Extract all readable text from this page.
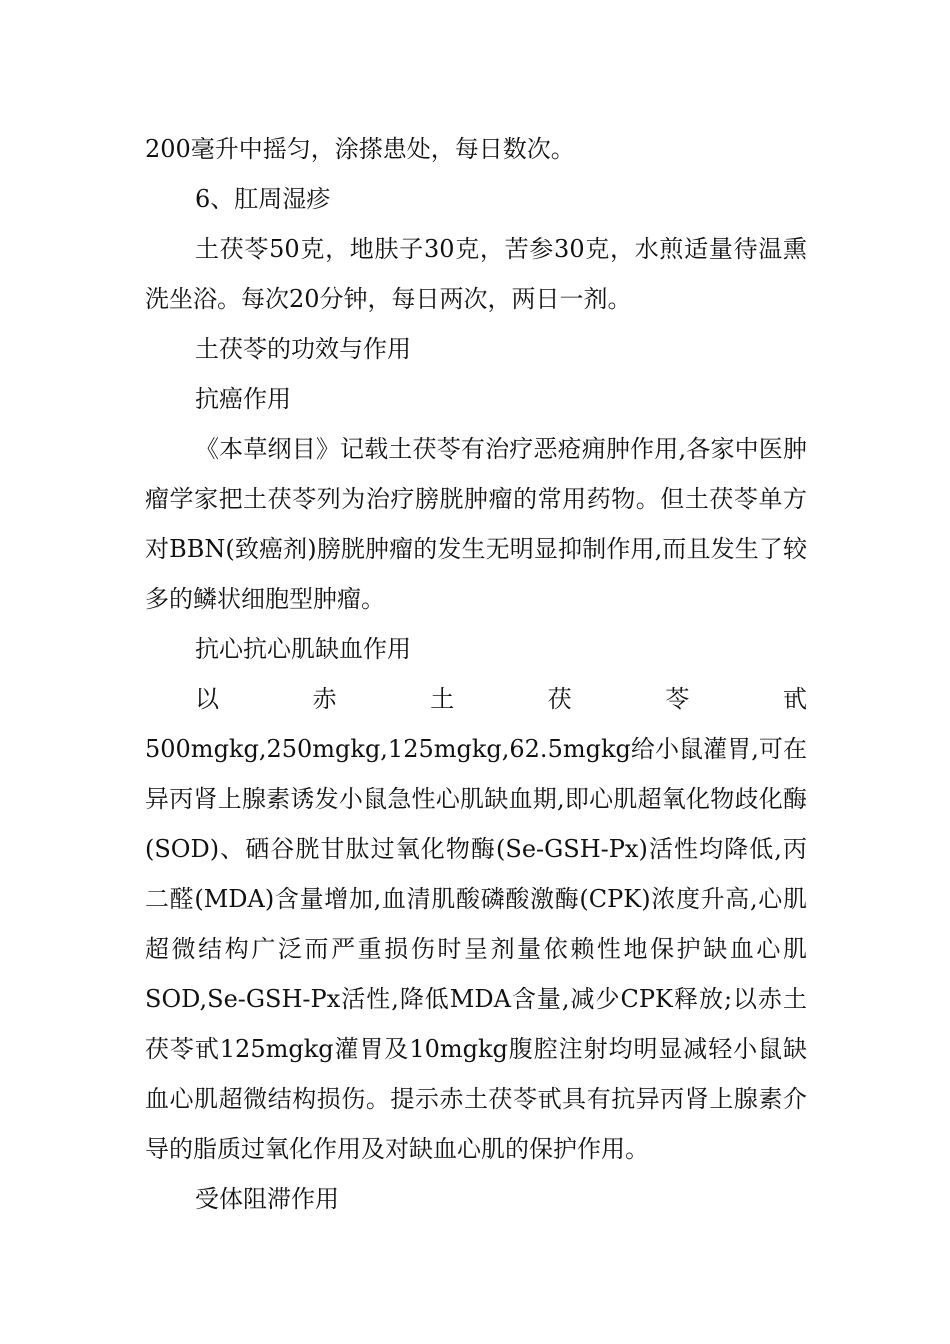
200毫升中摇匀，涂搽患处，每日数次。

6、肛周湿疹

土茯苓50克，地肤子30克，苦参30克，水煎适量待温熏洗坐浴。每次20分钟，每日两次，两日一剂。

土茯苓的功效与作用

抗癌作用

《本草纲目》记载土茯苓有治疗恶疮痈肿作用,各家中医肿瘤学家把土茯苓列为治疗膀胱肿瘤的常用药物。但土茯苓单方对BBN(致癌剂)膀胱肿瘤的发生无明显抑制作用,而且发生了较多的鳞状细胞型肿瘤。

抗心抗心肌缺血作用

以赤土茯苓甙500mgkg,250mgkg,125mgkg,62.5mgkg给小鼠灌胃,可在异丙肾上腺素诱发小鼠急性心肌缺血期,即心肌超氧化物歧化酶(SOD)、硒谷胱甘肽过氧化物酶(Se-GSH-Px)活性均降低,丙二醛(MDA)含量增加,血清肌酸磷酸激酶(CPK)浓度升高,心肌超微结构广泛而严重损伤时呈剂量依赖性地保护缺血心肌SOD,Se-GSH-Px活性,降低MDA含量,减少CPK释放;以赤土茯苓甙125mgkg灌胃及10mgkg腹腔注射均明显减轻小鼠缺血心肌超微结构损伤。提示赤土茯苓甙具有抗异丙肾上腺素介导的脂质过氧化作用及对缺血心肌的保护作用。

受体阻滞作用
